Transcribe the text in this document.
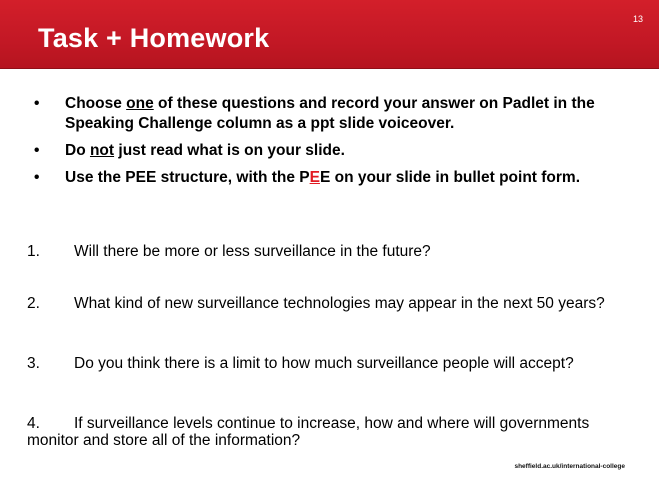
Task + Homework
13
• Choose one of these questions and record your answer on Padlet in the Speaking Challenge column as a ppt slide voiceover.
• Do not just read what is on your slide.
• Use the PEE structure, with the PEE on your slide in bullet point form.
1. Will there be more or less surveillance in the future?
2. What kind of new surveillance technologies may appear in the next 50 years?
3. Do you think there is a limit to how much surveillance people will accept?
4. If surveillance levels continue to increase, how and where will governments monitor and store all of the information?
sheffield.ac.uk/international-college
